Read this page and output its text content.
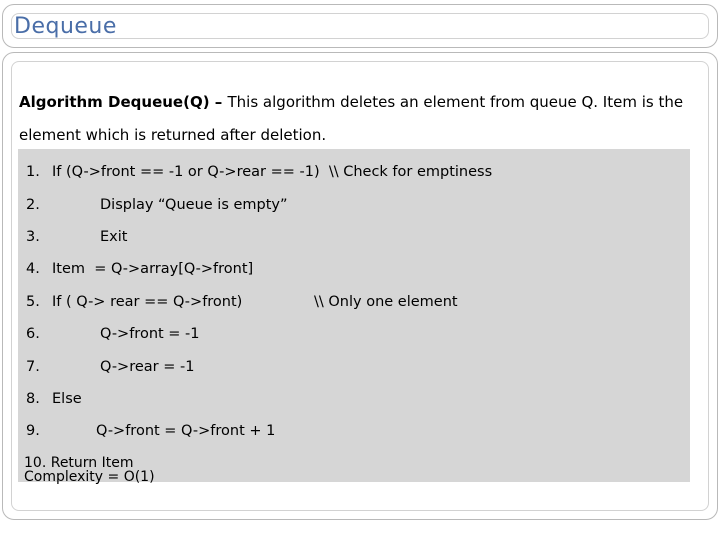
Dequeue
Algorithm Dequeue(Q) – This algorithm deletes an element from queue Q. Item is the element which is returned after deletion.
1. If (Q->front == -1 or Q->rear == -1)  \\ Check for emptiness
2.	Display “Queue is empty”
3.	Exit
4. Item  = Q->array[Q->front]
5. If ( Q-> rear == Q->front)	\\ Only one element
6.	Q->front = -1
7.	Q->rear = -1
8. Else
9.	Q->front = Q->front + 1
10. Return Item
Complexity = O(1)
